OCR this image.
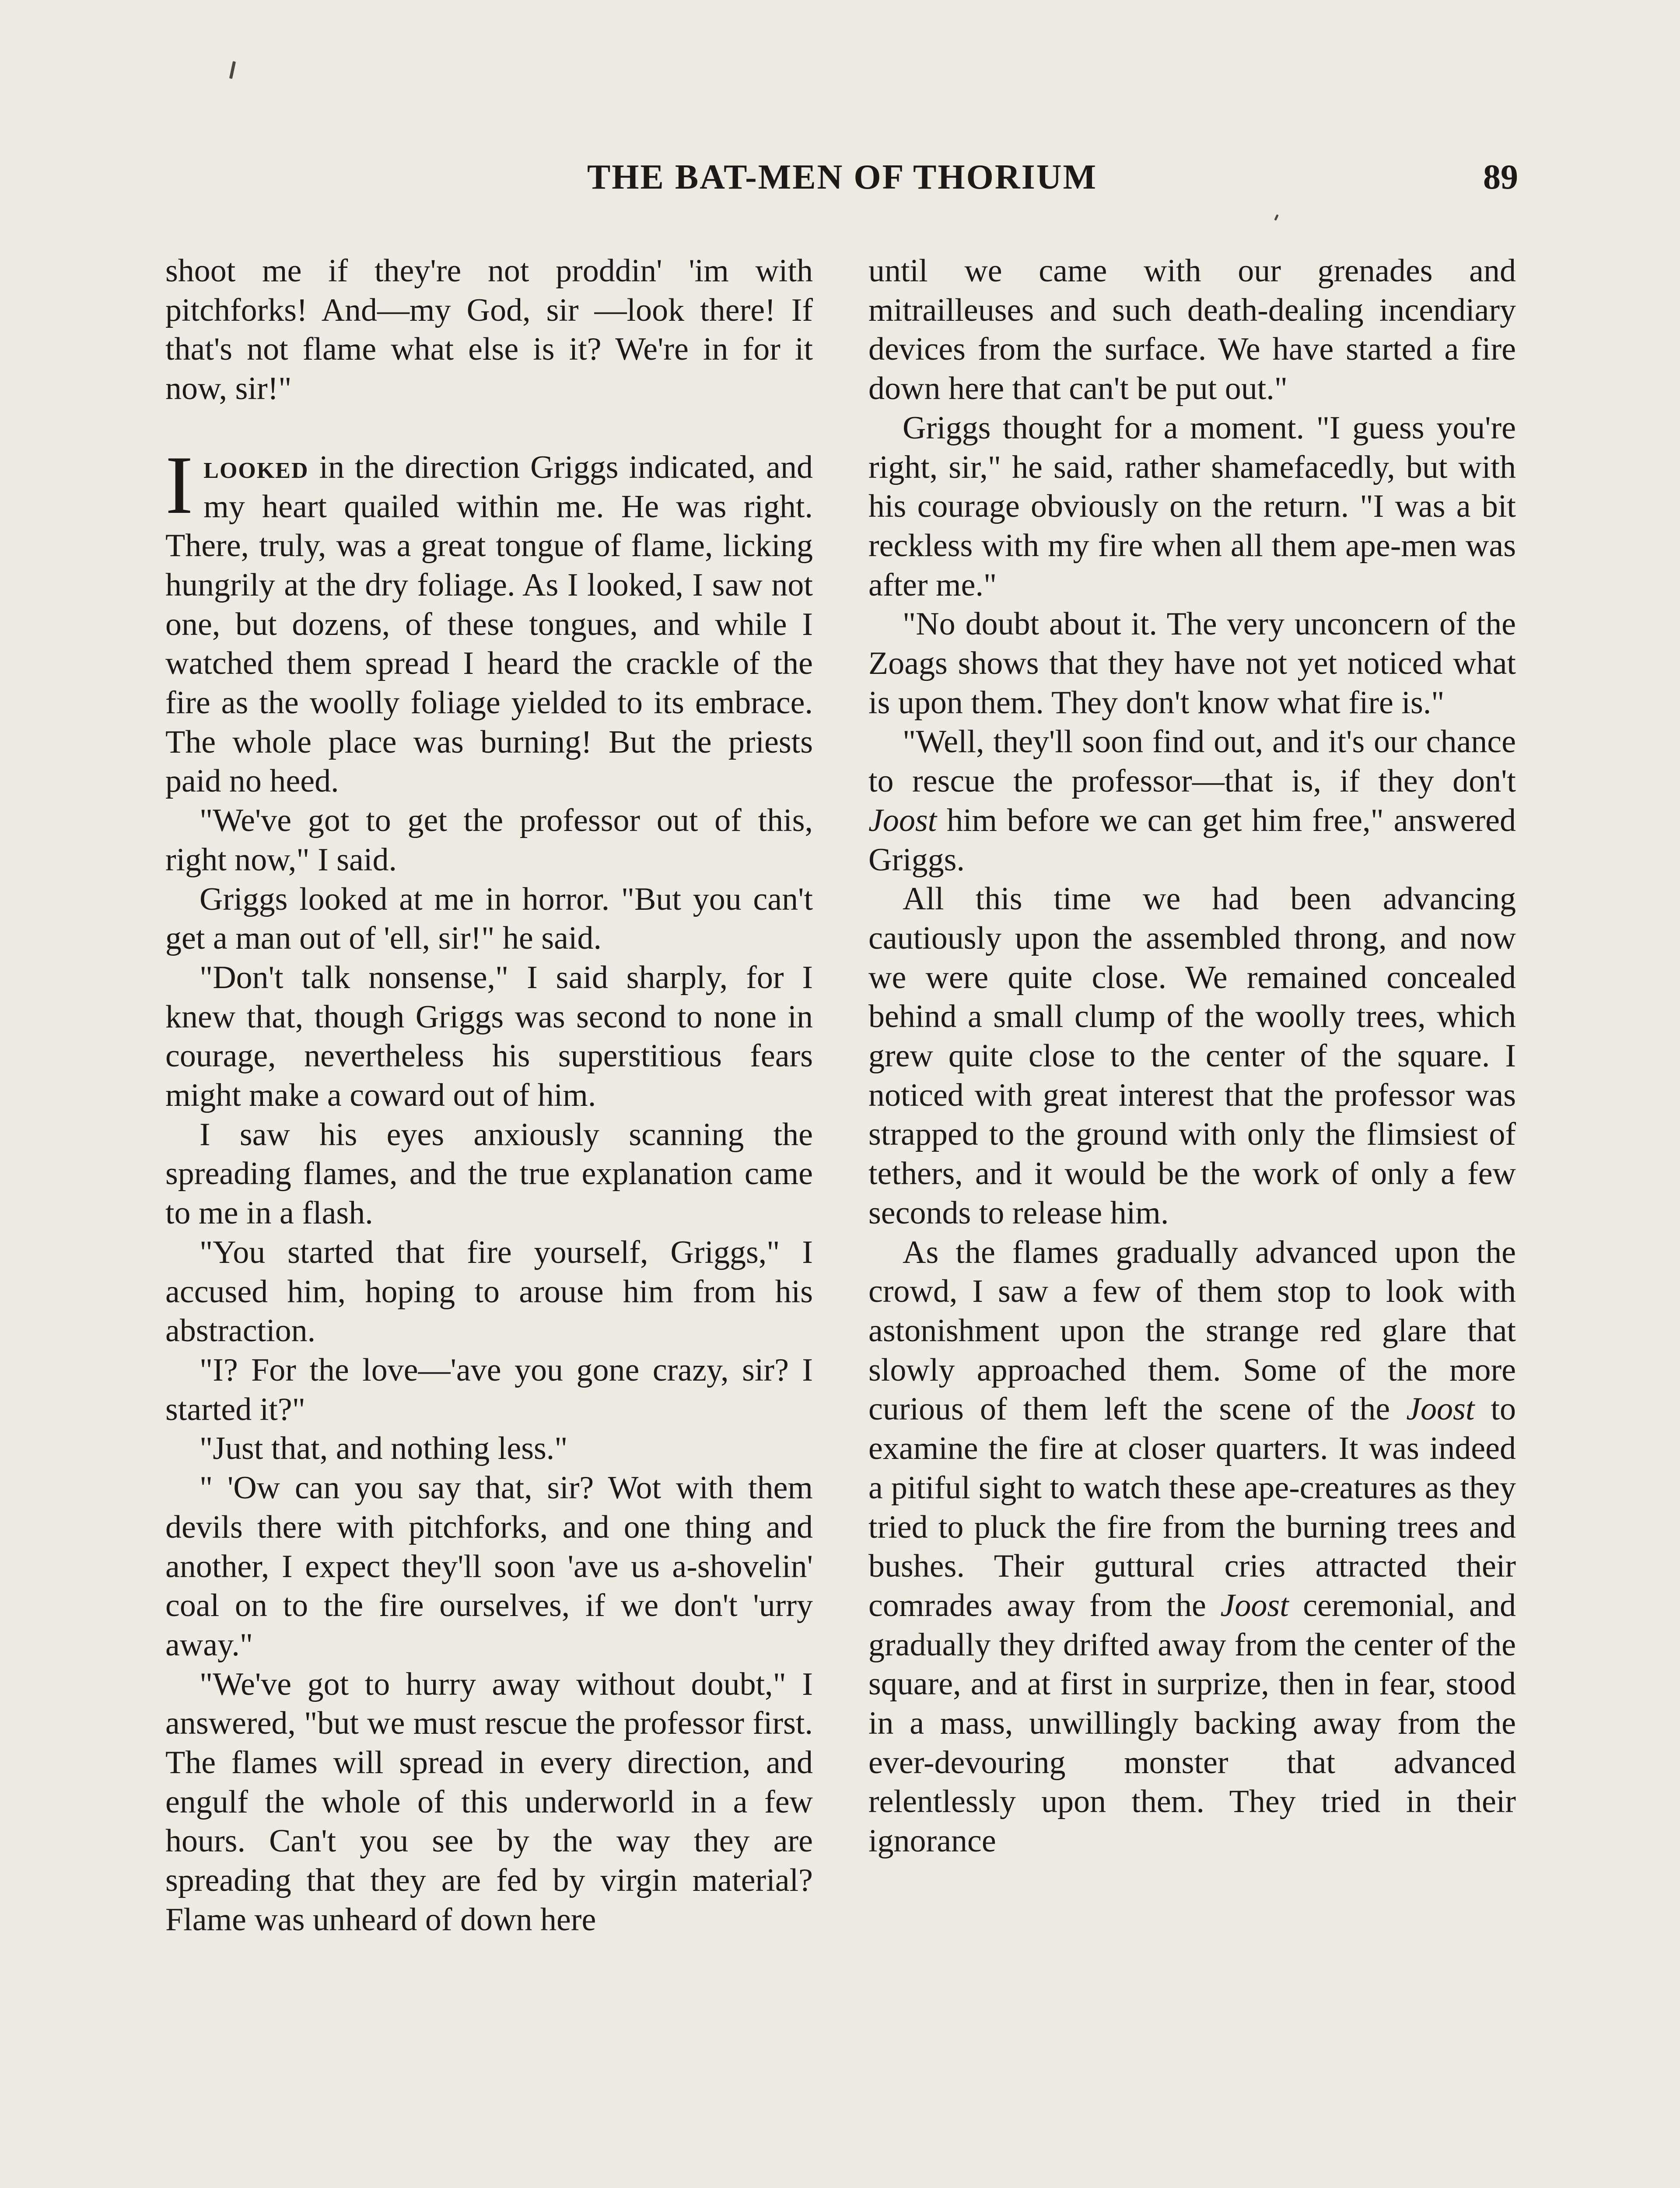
THE BAT-MEN OF THORIUM	89

shoot me if they're not proddin' 'im with pitchforks! And—my God, sir —look there! If that's not flame what else is it? We're in for it now, sir!"

Ilooked in the direction Griggs indicated, and my heart quailed within me. He was right. There, truly, was a great tongue of flame, licking hungrily at the dry foliage. As I looked, I saw not one, but dozens, of these tongues, and while I watched them spread I heard the crackle of the fire as the woolly foliage yielded to its embrace. The whole place was burning! But the priests paid no heed.

"We've got to get the professor out of this, right now," I said.

Griggs looked at me in horror. "But you can't get a man out of 'ell, sir!" he said.

"Don't talk nonsense," I said sharply, for I knew that, though Griggs was second to none in courage, nevertheless his superstitious fears might make a coward out of him.

I saw his eyes anxiously scanning the spreading flames, and the true explanation came to me in a flash.

"You started that fire yourself, Griggs," I accused him, hoping to arouse him from his abstraction.

"I? For the love—'ave you gone crazy, sir? I started it?"

"Just that, and nothing less."

" 'Ow can you say that, sir? Wot with them devils there with pitchforks, and one thing and another, I expect they'll soon 'ave us a-shovelin' coal on to the fire ourselves, if we don't 'urry away."

"We've got to hurry away without doubt," I answered, "but we must rescue the professor first. The flames will spread in every direction, and engulf the whole of this underworld in a few hours. Can't you see by the way they are spreading that they are fed by virgin material? Flame was unheard of down here

until we came with our grenades and mitrailleuses and such death-dealing incendiary devices from the surface. We have started a fire down here that can't be put out."

Griggs thought for a moment. "I guess you're right, sir," he said, rather shamefacedly, but with his courage obviously on the return. "I was a bit reckless with my fire when all them ape-men was after me."

"No doubt about it. The very unconcern of the Zoags shows that they have not yet noticed what is upon them. They don't know what fire is."

"Well, they'll soon find out, and it's our chance to rescue the professor—that is, if they don't Joost him before we can get him free," answered Griggs.

All this time we had been advancing cautiously upon the assembled throng, and now we were quite close. We remained concealed behind a small clump of the woolly trees, which grew quite close to the center of the square. I noticed with great interest that the professor was strapped to the ground with only the flimsiest of tethers, and it would be the work of only a few seconds to release him.

As the flames gradually advanced upon the crowd, I saw a few of them stop to look with astonishment upon the strange red glare that slowly approached them. Some of the more curious of them left the scene of the Joost to examine the fire at closer quarters. It was indeed a pitiful sight to watch these ape-creatures as they tried to pluck the fire from the burning trees and bushes. Their guttural cries attracted their comrades away from the Joost ceremonial, and gradually they drifted away from the center of the square, and at first in surprize, then in fear, stood in a mass, unwillingly backing away from the ever-devouring monster that advanced relentlessly upon them. They tried in their ignorance
